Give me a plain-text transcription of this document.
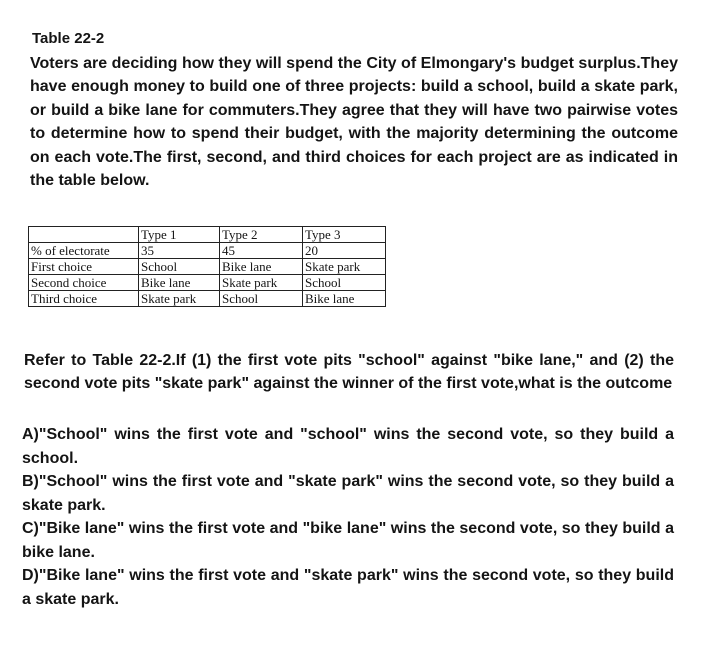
Table 22-2

Voters are deciding how they will spend the City of Elmongary's budget surplus.They have enough money to build one of three projects: build a school, build a skate park, or build a bike lane for commuters.They agree that they will have two pairwise votes to determine how to spend their budget, with the majority determining the outcome on each vote.The first, second, and third choices for each project are as indicated in the table below.

	Type 1	Type 2	Type 3
% of electorate	35	45	20
First choice	School	Bike lane	Skate park
Second choice	Bike lane	Skate park	School
Third choice	Skate park	School	Bike lane

Refer to Table 22-2.If (1) the first vote pits "school" against "bike lane," and (2) the second vote pits "skate park" against the winner of the first vote,what is the outcome

A)"School" wins the first vote and "school" wins the second vote, so they build a school.

B)"School" wins the first vote and "skate park" wins the second vote, so they build a skate park.

C)"Bike lane" wins the first vote and "bike lane" wins the second vote, so they build a bike lane.

D)"Bike lane" wins the first vote and "skate park" wins the second vote, so they build a skate park.
